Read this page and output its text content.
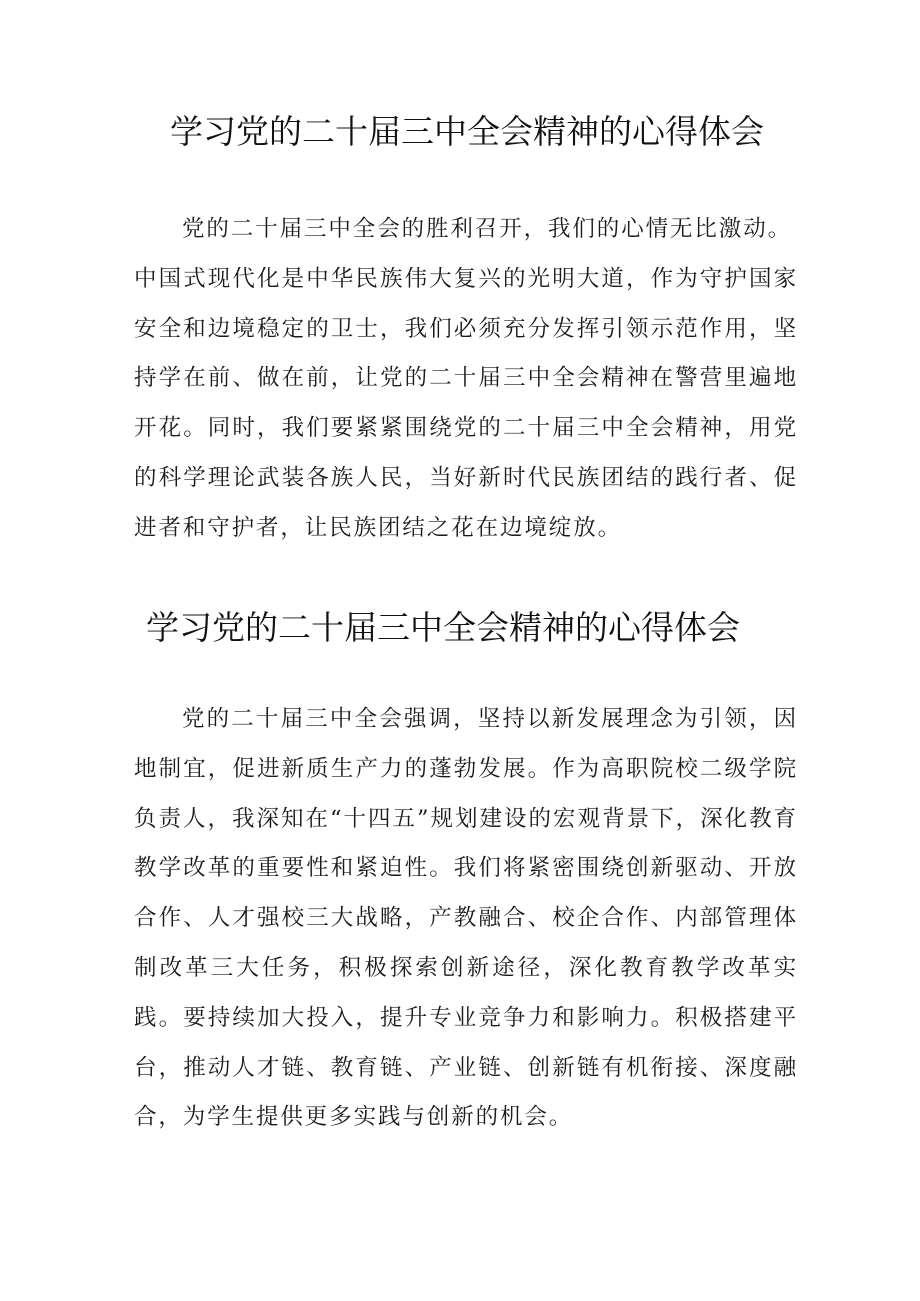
学习党的二十届三中全会精神的心得体会

党的二十届三中全会的胜利召开，我们的心情无比激动。

中国式现代化是中华民族伟大复兴的光明大道，作为守护国家安全和边境稳定的卫士，我们必须充分发挥引领示范作用，坚持学在前、做在前，让党的二十届三中全会精神在警营里遍地开花。同时，我们要紧紧围绕党的二十届三中全会精神，用党的科学理论武装各族人民，当好新时代民族团结的践行者、促进者和守护者，让民族团结之花在边境绽放。

学习党的二十届三中全会精神的心得体会

党的二十届三中全会强调，坚持以新发展理念为引领，因地制宜，促进新质生产力的蓬勃发展。作为高职院校二级学院负责人，我深知在“十四五”规划建设的宏观背景下，深化教育教学改革的重要性和紧迫性。我们将紧密围绕创新驱动、开放合作、人才强校三大战略，产教融合、校企合作、内部管理体制改革三大任务，积极探索创新途径，深化教育教学改革实践。要持续加大投入，提升专业竞争力和影响力。积极搭建平台，推动人才链、教育链、产业链、创新链有机衔接、深度融合，为学生提供更多实践与创新的机会。
